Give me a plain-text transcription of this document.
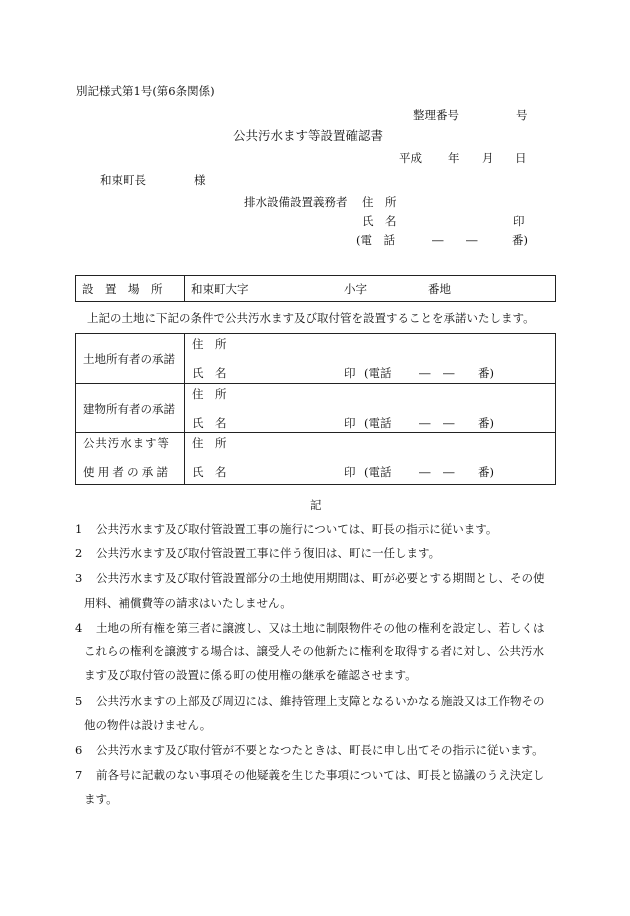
別記様式第1号(第6条関係)
整理番号	号
公共汚水ます等設置確認書
平成 年 月 日
和束町長	様
排水設備設置義務者 住　所
氏　名	印
(電　話	― ―	番)
設　置　場　所 和束町大字	小字	番地
上記の土地に下記の条件で公共汚水ます及び取付管を設置することを承諾いたします。
土地所有者の承諾
住　所
氏　名	印 (電話 ― ― 番)
建物所有者の承諾
住　所
氏　名	印 (電話 ― ― 番)
公共汚水ます等
使用者の承諾
住　所
氏　名	印 (電話 ― ― 番)
記
1 公共汚水ます及び取付管設置工事の施行については、町長の指示に従います。
2 公共汚水ます及び取付管設置工事に伴う復旧は、町に一任します。
3 公共汚水ます及び取付管設置部分の土地使用期間は、町が必要とする期間とし、その使
用料、補償費等の請求はいたしません。
4 土地の所有権を第三者に譲渡し、又は土地に制限物件その他の権利を設定し、若しくは
これらの権利を譲渡する場合は、譲受人その他新たに権利を取得する者に対し、公共汚水
ます及び取付管の設置に係る町の使用権の継承を確認させます。
5 公共汚水ますの上部及び周辺には、維持管理上支障となるいかなる施設又は工作物その
他の物件は設けません。
6 公共汚水ます及び取付管が不要となつたときは、町長に申し出てその指示に従います。
7 前各号に記載のない事項その他疑義を生じた事項については、町長と協議のうえ決定し
ます。
